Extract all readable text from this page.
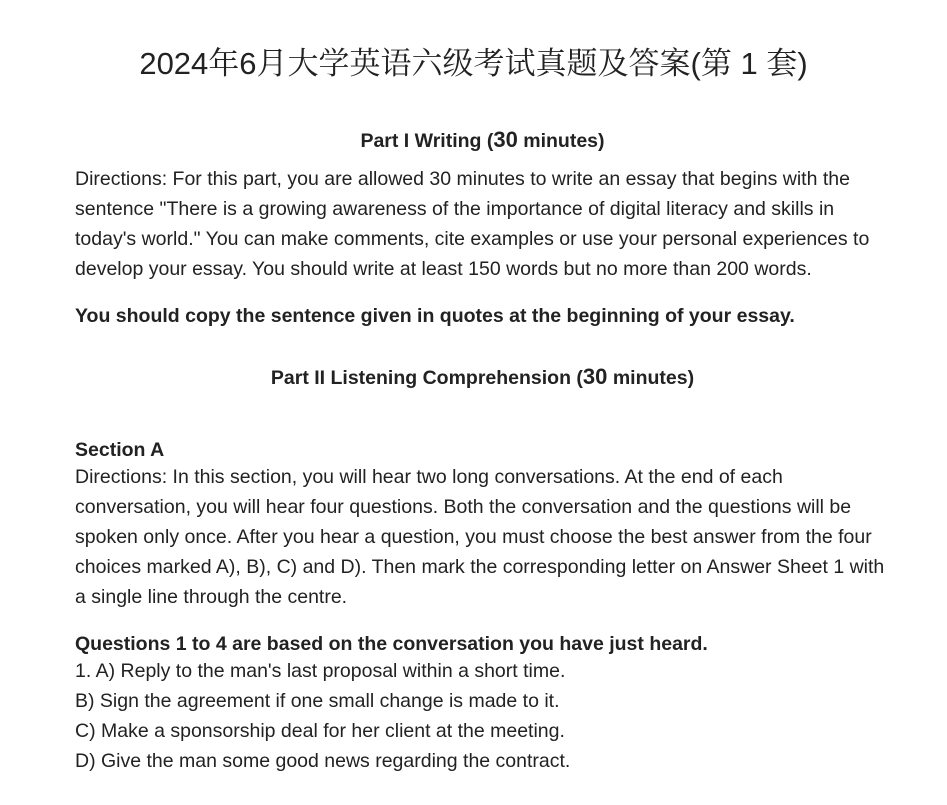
2024年6月大学英语六级考试真题及答案(第 1 套)

Part I Writing (30 minutes)

Directions: For this part, you are allowed 30 minutes to write an essay that begins with the sentence "There is a growing awareness of the importance of digital literacy and skills in today's world." You can make comments, cite examples or use your personal experiences to develop your essay. You should write at least 150 words but no more than 200 words.

You should copy the sentence given in quotes at the beginning of your essay.

Part II Listening Comprehension (30 minutes)

Section A

Directions: In this section, you will hear two long conversations. At the end of each conversation, you will hear four questions. Both the conversation and the questions will be spoken only once. After you hear a question, you must choose the best answer from the four choices marked A), B), C) and D). Then mark the corresponding letter on Answer Sheet 1 with a single line through the centre.

Questions 1 to 4 are based on the conversation you have just heard.

1. A) Reply to the man's last proposal within a short time.

B) Sign the agreement if one small change is made to it.

C) Make a sponsorship deal for her client at the meeting.

D) Give the man some good news regarding the contract.
